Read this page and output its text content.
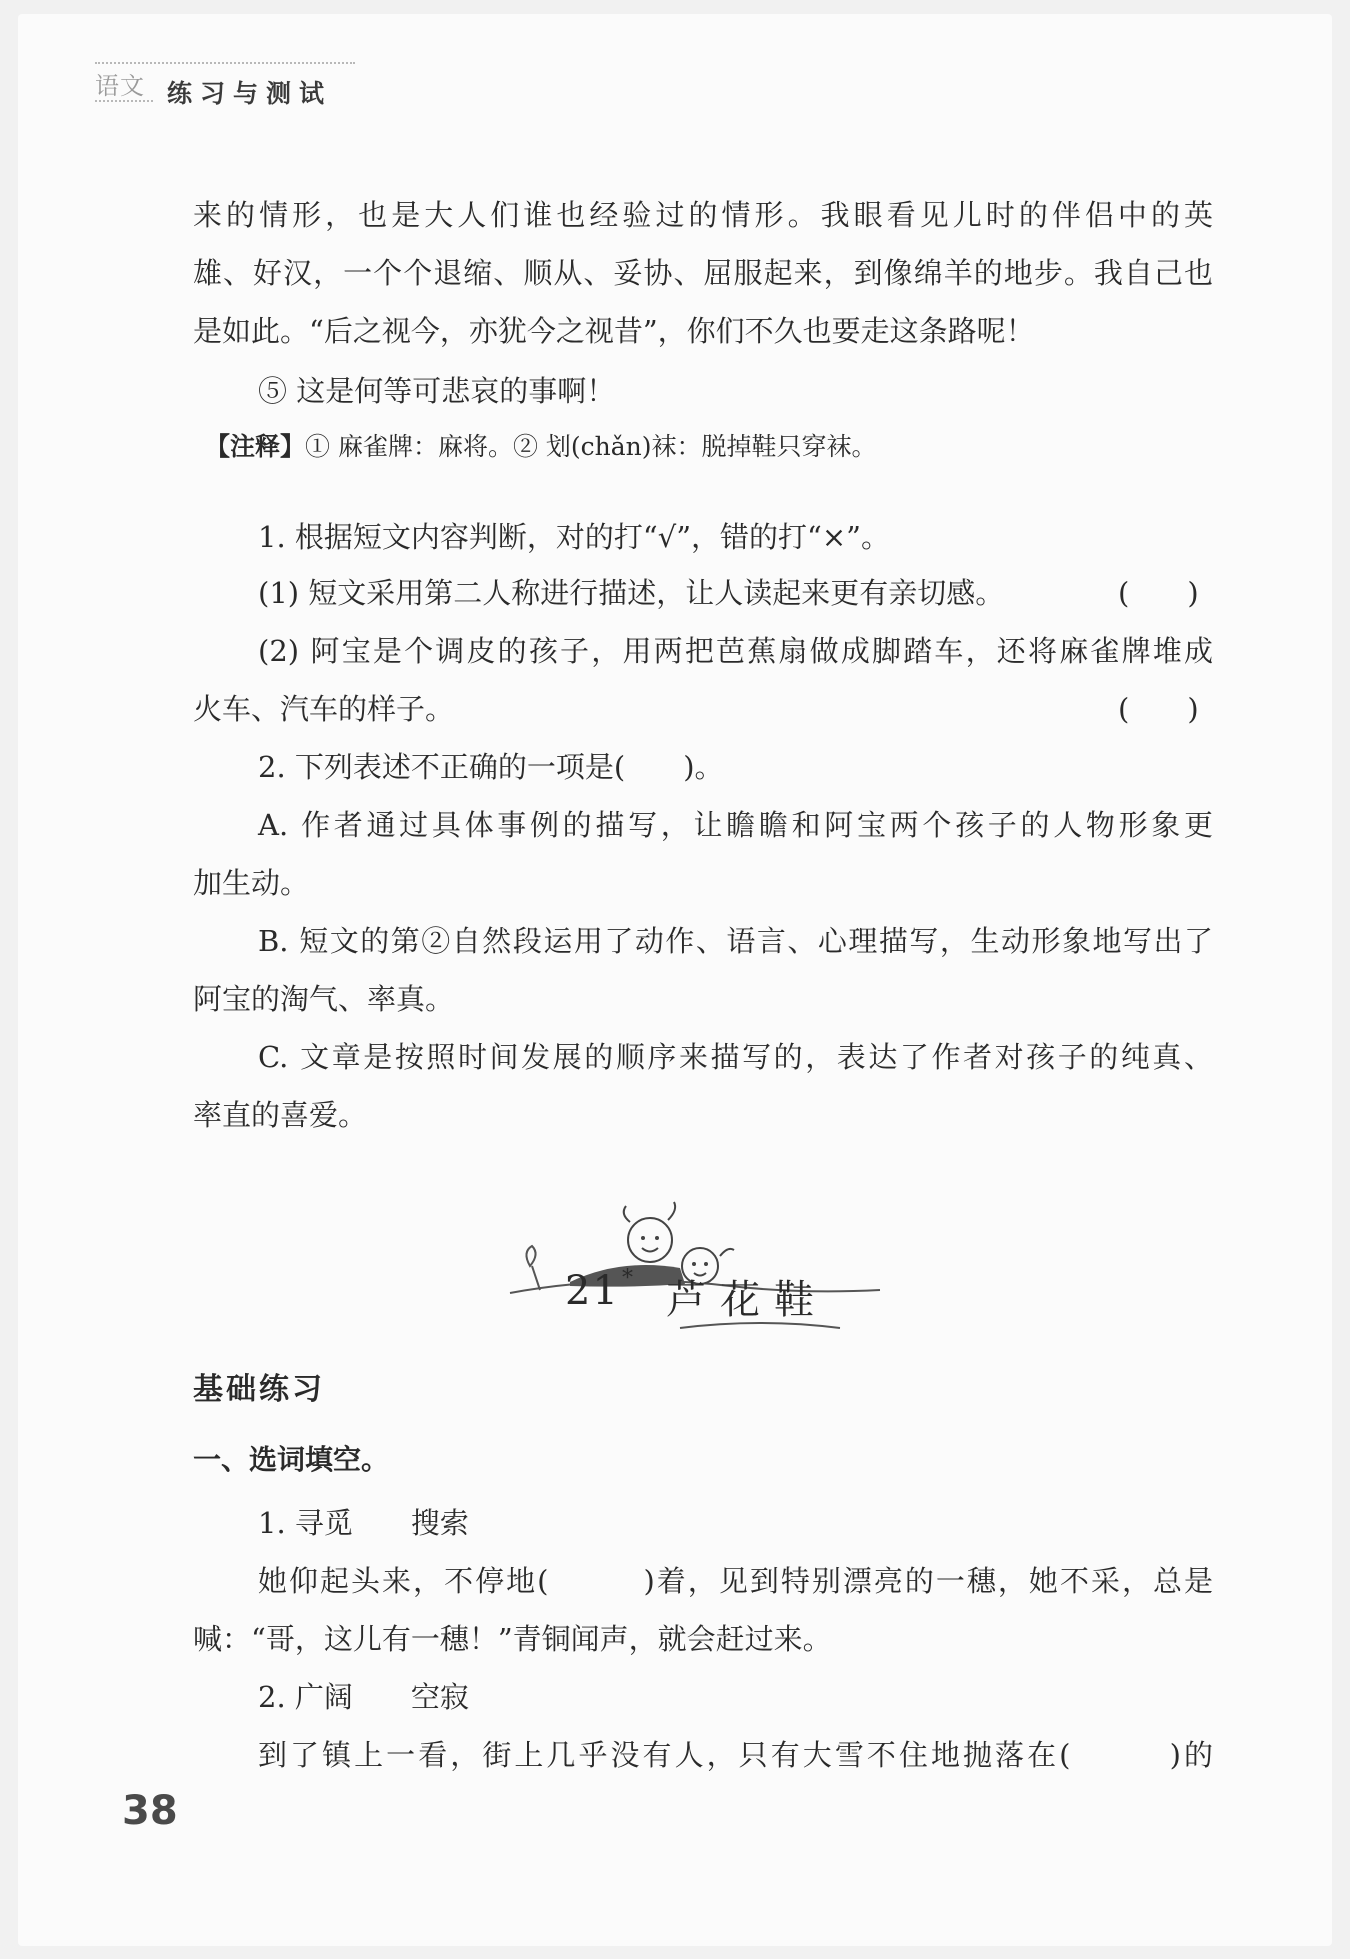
语文 练习与测试
来的情形，也是大人们谁也经验过的情形。我眼看见儿时的伴侣中的英
雄、好汉，一个个退缩、顺从、妥协、屈服起来，到像绵羊的地步。我自己也
是如此。“后之视今，亦犹今之视昔”，你们不久也要走这条路呢！
⑤ 这是何等可悲哀的事啊！
【注释】① 麻雀牌：麻将。② 划(chǎn)袜：脱掉鞋只穿袜。
1. 根据短文内容判断，对的打“√”，错的打“×”。
(1) 短文采用第二人称进行描述，让人读起来更有亲切感。	(　　)
(2) 阿宝是个调皮的孩子，用两把芭蕉扇做成脚踏车，还将麻雀牌堆成
火车、汽车的样子。	(　　)
2. 下列表述不正确的一项是(　　)。
A. 作者通过具体事例的描写，让瞻瞻和阿宝两个孩子的人物形象更
加生动。
B. 短文的第②自然段运用了动作、语言、心理描写，生动形象地写出了
阿宝的淘气、率真。
C. 文章是按照时间发展的顺序来描写的，表达了作者对孩子的纯真、
率直的喜爱。
21 * 芦花鞋
基础练习
一、选词填空。
1. 寻觅　　搜索
她仰起头来，不停地(　　　)着，见到特别漂亮的一穗，她不采，总是
喊：“哥，这儿有一穗！”青铜闻声，就会赶过来。
2. 广阔　　空寂
到了镇上一看，街上几乎没有人，只有大雪不住地抛落在(　　　)的
38
